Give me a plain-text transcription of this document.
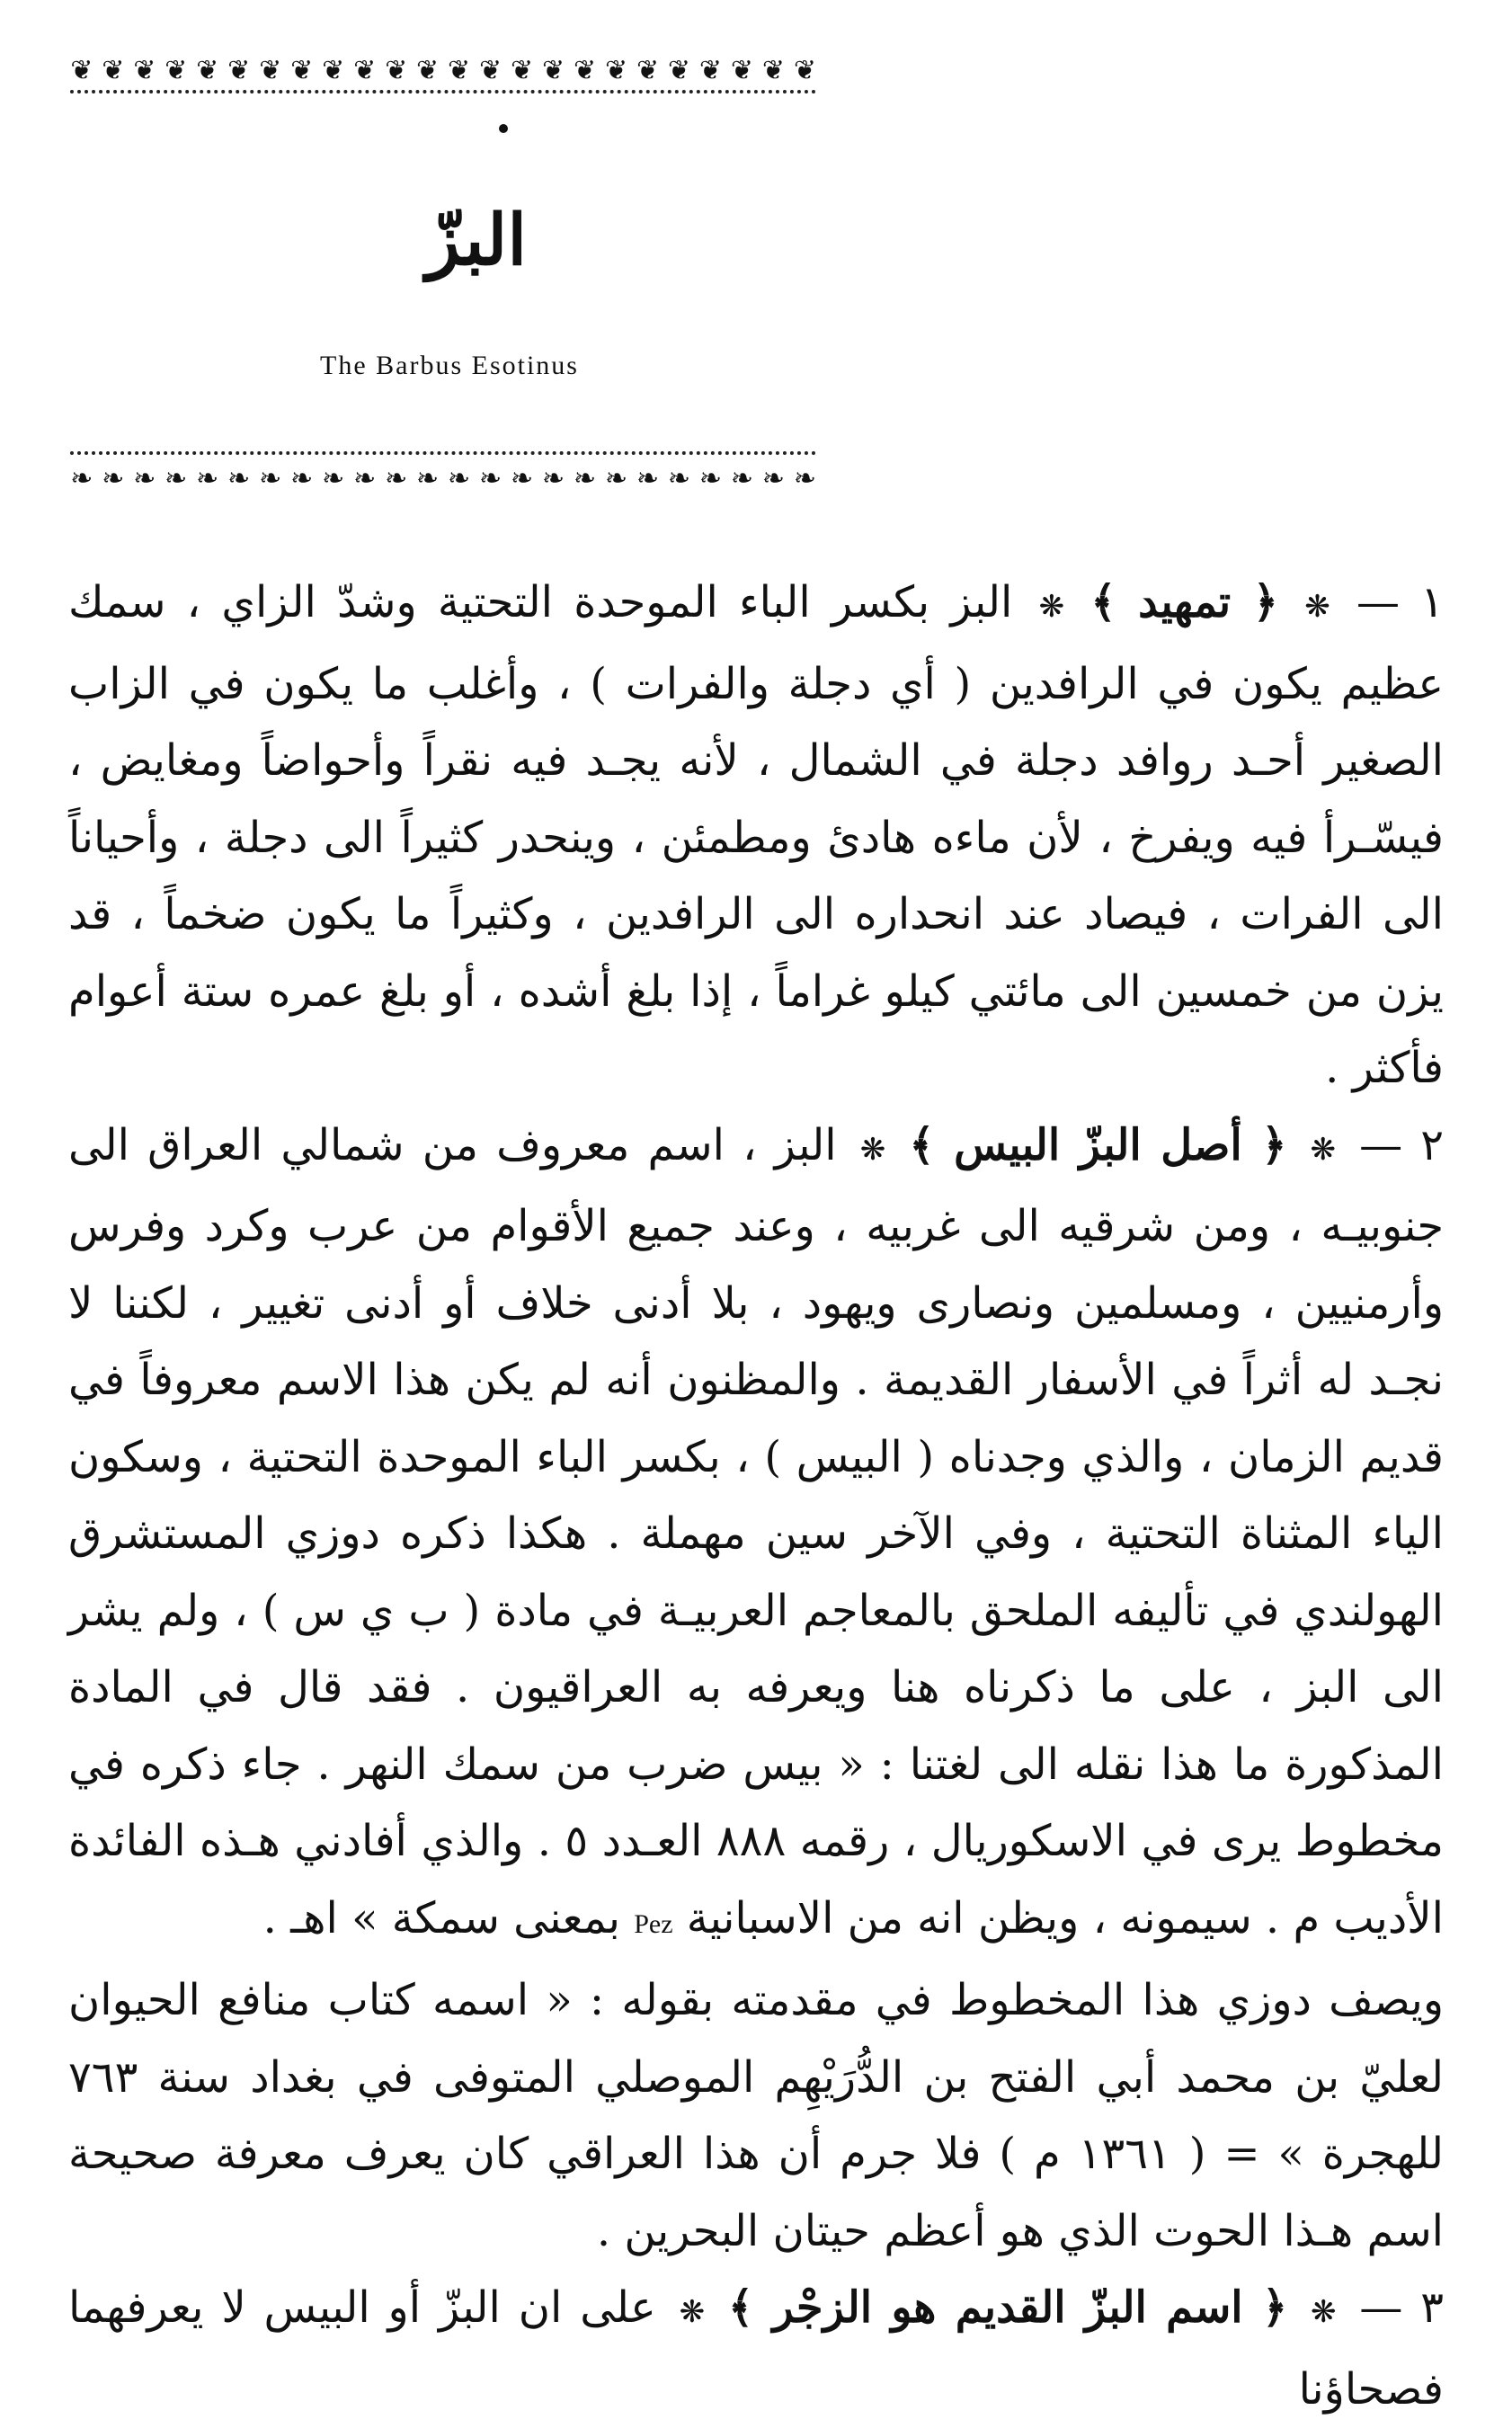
❦
❦
❦
❦
❦
❦
❦
❦
❦
❦
❦
❦
❦
❦
❦
❦
❦
❦
❦
❦
❦
❦
❦
❦
البزّ
The Barbus Esotinus
❧
❧
❧
❧
❧
❧
❧
❧
❧
❧
❧
❧
❧
❧
❧
❧
❧
❧
❧
❧
❧
❧
❧
❧

١ — ❋ ﴿ تمهيد ﴾ ❋ البز بكسر الباء الموحدة التحتية وشدّ الزاي ، سمك عظيم يكون في الرافدين ( أي دجلة والفرات ) ، وأغلب ما يكون في الزاب الصغير أحـد روافد دجلة في الشمال ، لأنه يجـد فيه نقراً وأحواضاً ومغايض ، فيسّـرأ فيه ويفرخ ، لأن ماءه هادئ ومطمئن ، وينحدر كثيراً الى دجلة ، وأحياناً الى الفرات ، فيصاد عند انحداره الى الرافدين ، وكثيراً ما يكون ضخماً ، قد يزن من خمسين الى مائتي كيلو غراماً ، إذا بلغ أشده ، أو بلغ عمره ستة أعوام فأكثر .

٢ — ❋ ﴿ أصل البزّ البيس ﴾ ❋ البز ، اسم معروف من شمالي العراق الى جنوبيـه ، ومن شرقيه الى غربيه ، وعند جميع الأقوام من عرب وكرد وفرس وأرمنيين ، ومسلمين ونصارى ويهود ، بلا أدنى خلاف أو أدنى تغيير ، لكننا لا نجـد له أثراً في الأسفار القديمة . والمظنون أنه لم يكن هذا الاسم معروفاً في قديم الزمان ، والذي وجدناه ( البيس ) ، بكسر الباء الموحدة التحتية ، وسكون الياء المثناة التحتية ، وفي الآخر سين مهملة . هكذا ذكره دوزي المستشرق الهولندي في تأليفه الملحق بالمعاجم العربيـة في مادة ( ب ي س ) ، ولم يشر الى البز ، على ما ذكرناه هنا ويعرفه به العراقيون . فقد قال في المادة المذكورة ما هذا نقله الى لغتنا : « بيس ضرب من سمك النهر . جاء ذكره في مخطوط يرى في الاسكوريال ، رقمه ٨٨٨ العـدد ٥ . والذي أفادني هـذه الفائدة الأديب م . سيمونه ، ويظن انه من الاسبانية Pez بمعنى سمكة » اهـ .

ويصف دوزي هذا المخطوط في مقدمته بقوله : « اسمه كتاب منافع الحيوان لعليّ بن محمد أبي الفتح بن الدُّرَيْهِم الموصلي المتوفى في بغداد سنة ٧٦٣ للهجرة » = ( ١٣٦١ م ) فلا جرم أن هذا العراقي كان يعرف معرفة صحيحة اسم هـذا الحوت الذي هو أعظم حيتان البحرين .

٣ — ❋ ﴿ اسم البزّ القديم هو الزجْر ﴾ ❋ على ان البزّ أو البيس لا يعرفهما فصحاؤنا
